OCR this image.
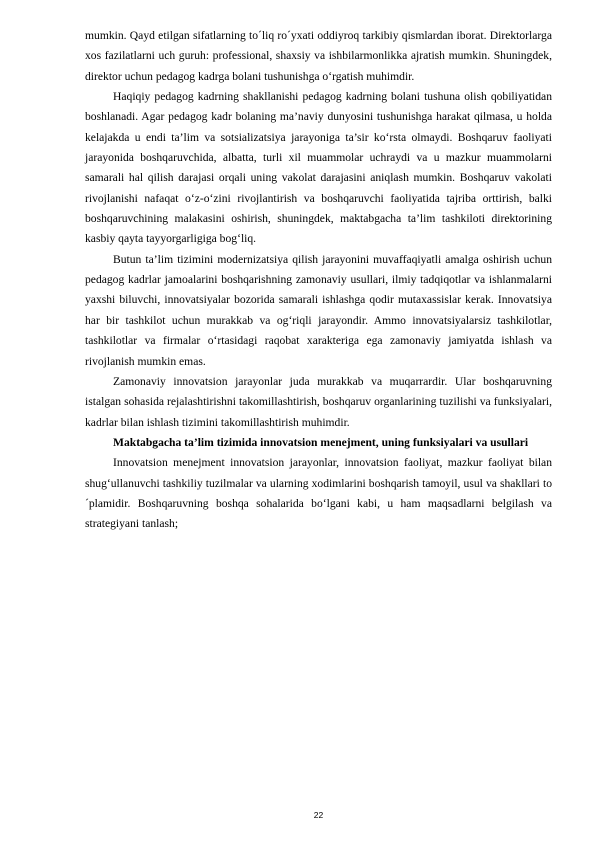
mumkin. Qayd etilgan sifatlarning to´liq ro´yxati oddiyroq tarkibiy qismlardan iborat. Direktorlarga xos fazilatlarni uch guruh: professional, shaxsiy va ishbilarmonlikka ajratish mumkin. Shuningdek, direktor uchun pedagog kadrga bolani tushunishga o‘rgatish muhimdir.

Haqiqiy pedagog kadrning shakllanishi pedagog kadrning bolani tushuna olish qobiliyatidan boshlanadi. Agar pedagog kadr bolaning ma’naviy dunyosini tushunishga harakat qilmasa, u holda kelajakda u endi ta’lim va sotsializatsiya jarayoniga ta’sir ko‘rsta olmaydi. Boshqaruv faoliyati jarayonida boshqaruvchida, albatta, turli xil muammolar uchraydi va u mazkur muammolarni samarali hal qilish darajasi orqali uning vakolat darajasini aniqlash mumkin. Boshqaruv vakolati rivojlanishi nafaqat o‘z-o‘zini rivojlantirish va boshqaruvchi faoliyatida tajriba orttirish, balki boshqaruvchining malakasini oshirish, shuningdek, maktabgacha ta’lim tashkiloti direktorining kasbiy qayta tayyorgarligiga bog‘liq.

Butun ta’lim tizimini modernizatsiya qilish jarayonini muvaffaqiyatli amalga oshirish uchun pedagog kadrlar jamoalarini boshqarishning zamonaviy usullari, ilmiy tadqiqotlar va ishlanmalarni yaxshi biluvchi, innovatsiyalar bozorida samarali ishlashga qodir mutaxassislar kerak. Innovatsiya har bir tashkilot uchun murakkab va og‘riqli jarayondir. Ammo innovatsiyalarsiz tashkilotlar, tashkilotlar va firmalar o‘rtasidagi raqobat xarakteriga ega zamonaviy jamiyatda ishlash va rivojlanish mumkin emas.

Zamonaviy innovatsion jarayonlar juda murakkab va muqarrardir. Ular boshqaruvning istalgan sohasida rejalashtirishni takomillashtirish, boshqaruv organlarining tuzilishi va funksiyalari, kadrlar bilan ishlash tizimini takomillashtirish muhimdir.

Maktabgacha ta’lim tizimida innovatsion menejment, uning funksiyalari va usullari

Innovatsion menejment innovatsion jarayonlar, innovatsion faoliyat, mazkur faoliyat bilan shug‘ullanuvchi tashkiliy tuzilmalar va ularning xodimlarini boshqarish tamoyil, usul va shakllari to´plamidir. Boshqaruvning boshqa sohalarida bo‘lgani kabi, u ham maqsadlarni belgilash va strategiyani tanlash;

22
